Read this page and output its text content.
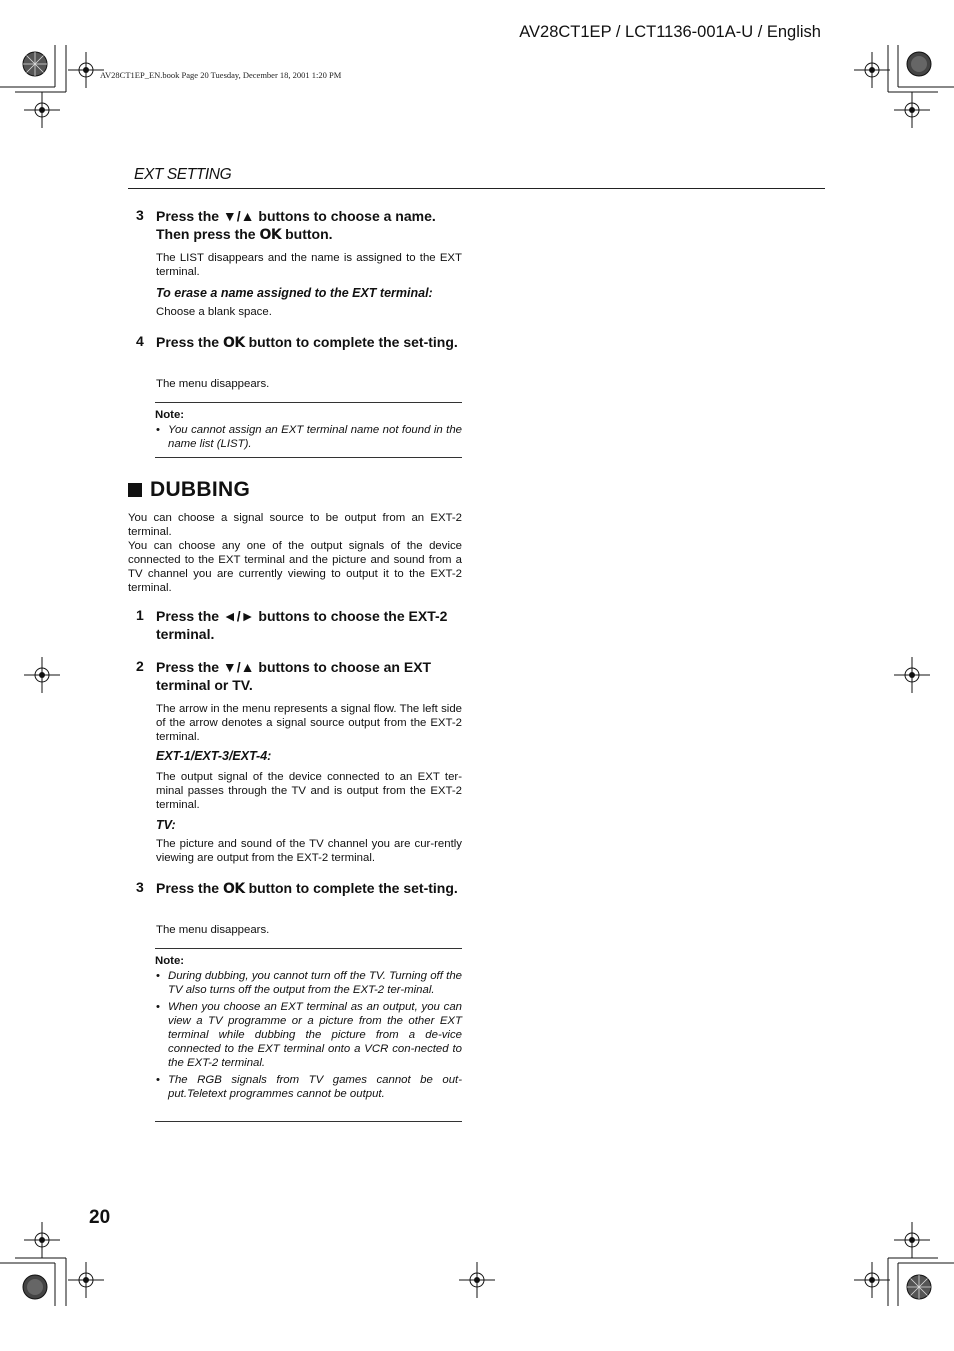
AV28CT1EP / LCT1136-001A-U / English
AV28CT1EP_EN.book Page 20 Tuesday, December 18, 2001 1:20 PM
EXT SETTING
3 Press the ▼/▲ buttons to choose a name. Then press the OK button.
The LIST disappears and the name is assigned to the EXT terminal.
To erase a name assigned to the EXT terminal:
Choose a blank space.
4 Press the OK button to complete the set-ting.
The menu disappears.
Note:
• You cannot assign an EXT terminal name not found in the name list (LIST).
DUBBING
You can choose a signal source to be output from an EXT-2 terminal.
You can choose any one of the output signals of the device connected to the EXT terminal and the picture and sound from a TV channel you are currently viewing to output it to the EXT-2 terminal.
1 Press the ◄/► buttons to choose the EXT-2 terminal.
2 Press the ▼/▲ buttons to choose an EXT terminal or TV.
The arrow in the menu represents a signal flow. The left side of the arrow denotes a signal source output from the EXT-2 terminal.
EXT-1/EXT-3/EXT-4:
The output signal of the device connected to an EXT ter-minal passes through the TV and is output from the EXT-2 terminal.
TV:
The picture and sound of the TV channel you are cur-rently viewing are output from the EXT-2 terminal.
3 Press the OK button to complete the set-ting.
The menu disappears.
Note:
• During dubbing, you cannot turn off the TV. Turning off the TV also turns off the output from the EXT-2 ter-minal.
• When you choose an EXT terminal as an output, you can view a TV programme or a picture from the other EXT terminal while dubbing the picture from a de-vice connected to the EXT terminal onto a VCR con-nected to the EXT-2 terminal.
• The RGB signals from TV games cannot be out-put.Teletext programmes cannot be output.
20
